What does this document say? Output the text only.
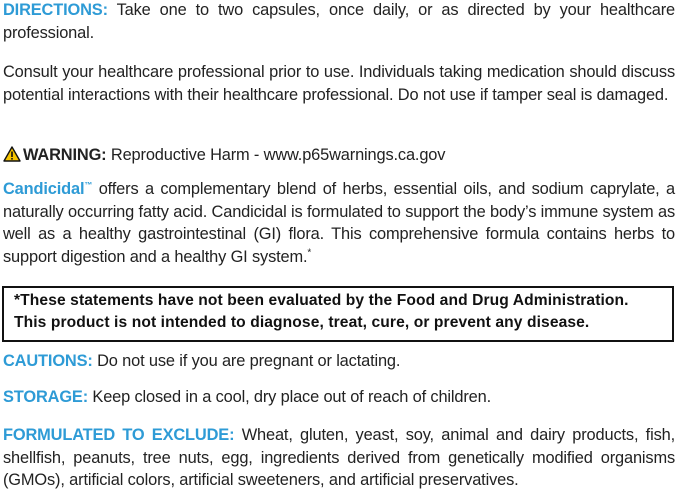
DIRECTIONS: Take one to two capsules, once daily, or as directed by your healthcare professional.

Consult your healthcare professional prior to use. Individuals taking medication should discuss potential interactions with their healthcare professional. Do not use if tamper seal is damaged.

WARNING: Reproductive Harm - www.p65warnings.ca.gov

Candicidal™ offers a complementary blend of herbs, essential oils, and sodium caprylate, a naturally occurring fatty acid. Candicidal is formulated to support the body’s immune system as well as a healthy gastrointestinal (GI) flora. This comprehensive formula contains herbs to support digestion and a healthy GI system.*

*These statements have not been evaluated by the Food and Drug Administration.
This product is not intended to diagnose, treat, cure, or prevent any disease.

CAUTIONS: Do not use if you are pregnant or lactating.

STORAGE: Keep closed in a cool, dry place out of reach of children.

FORMULATED TO EXCLUDE: Wheat, gluten, yeast, soy, animal and dairy products, fish, shellfish, peanuts, tree nuts, egg, ingredients derived from genetically modified organisms (GMOs), artificial colors, artificial sweeteners, and artificial preservatives.
